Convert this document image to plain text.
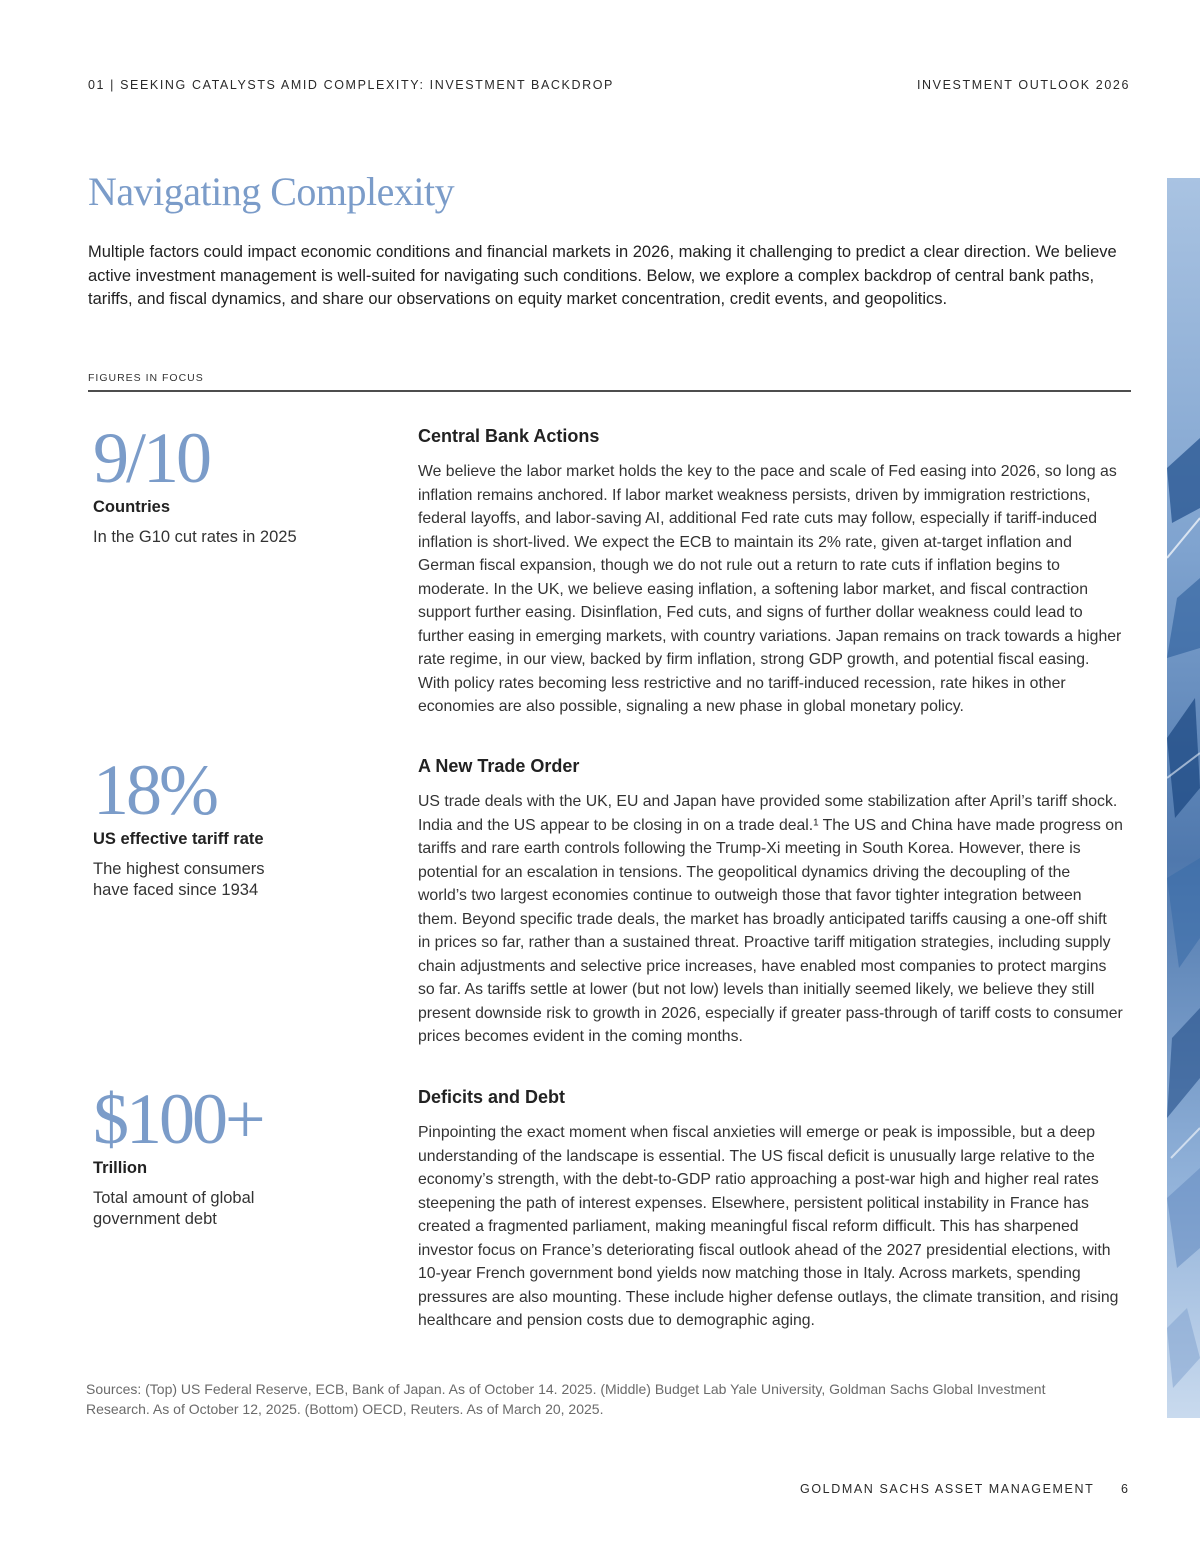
01 | SEEKING CATALYSTS AMID COMPLEXITY: INVESTMENT BACKDROP	INVESTMENT OUTLOOK 2026
Navigating Complexity

Multiple factors could impact economic conditions and financial markets in 2026, making it challenging to predict a clear direction. We believe active investment management is well-suited for navigating such conditions. Below, we explore a complex backdrop of central bank paths, tariffs, and fiscal dynamics, and share our observations on equity market concentration, credit events, and geopolitics.

FIGURES IN FOCUS
9/10
Countries
In the G10 cut rates in 2025
18%
US effective tariff rate
The highest consumers have faced since 1934
$100+
Trillion
Total amount of global government debt
Central Bank Actions

We believe the labor market holds the key to the pace and scale of Fed easing into 2026, so long as inflation remains anchored. If labor market weakness persists, driven by immigration restrictions, federal layoffs, and labor-saving AI, additional Fed rate cuts may follow, especially if tariff-induced inflation is short-lived. We expect the ECB to maintain its 2% rate, given at-target inflation and German fiscal expansion, though we do not rule out a return to rate cuts if inflation begins to moderate. In the UK, we believe easing inflation, a softening labor market, and fiscal contraction support further easing. Disinflation, Fed cuts, and signs of further dollar weakness could lead to further easing in emerging markets, with country variations. Japan remains on track towards a higher rate regime, in our view, backed by firm inflation, strong GDP growth, and potential fiscal easing. With policy rates becoming less restrictive and no tariff-induced recession, rate hikes in other economies are also possible, signaling a new phase in global monetary policy.

A New Trade Order

US trade deals with the UK, EU and Japan have provided some stabilization after April’s tariff shock. India and the US appear to be closing in on a trade deal.¹ The US and China have made progress on tariffs and rare earth controls following the Trump-Xi meeting in South Korea. However, there is potential for an escalation in tensions. The geopolitical dynamics driving the decoupling of the world’s two largest economies continue to outweigh those that favor tighter integration between them. Beyond specific trade deals, the market has broadly anticipated tariffs causing a one-off shift in prices so far, rather than a sustained threat. Proactive tariff mitigation strategies, including supply chain adjustments and selective price increases, have enabled most companies to protect margins so far. As tariffs settle at lower (but not low) levels than initially seemed likely, we believe they still present downside risk to growth in 2026, especially if greater pass-through of tariff costs to consumer prices becomes evident in the coming months.

Deficits and Debt

Pinpointing the exact moment when fiscal anxieties will emerge or peak is impossible, but a deep understanding of the landscape is essential. The US fiscal deficit is unusually large relative to the economy’s strength, with the debt-to-GDP ratio approaching a post-war high and higher real rates steepening the path of interest expenses. Elsewhere, persistent political instability in France has created a fragmented parliament, making meaningful fiscal reform difficult. This has sharpened investor focus on France’s deteriorating fiscal outlook ahead of the 2027 presidential elections, with 10-year French government bond yields now matching those in Italy. Across markets, spending pressures are also mounting. These include higher defense outlays, the climate transition, and rising healthcare and pension costs due to demographic aging.

Sources: (Top) US Federal Reserve, ECB, Bank of Japan. As of October 14. 2025. (Middle) Budget Lab Yale University, Goldman Sachs Global Investment Research. As of October 12, 2025. (Bottom) OECD, Reuters. As of March 20, 2025.

GOLDMAN SACHS ASSET MANAGEMENT 6
